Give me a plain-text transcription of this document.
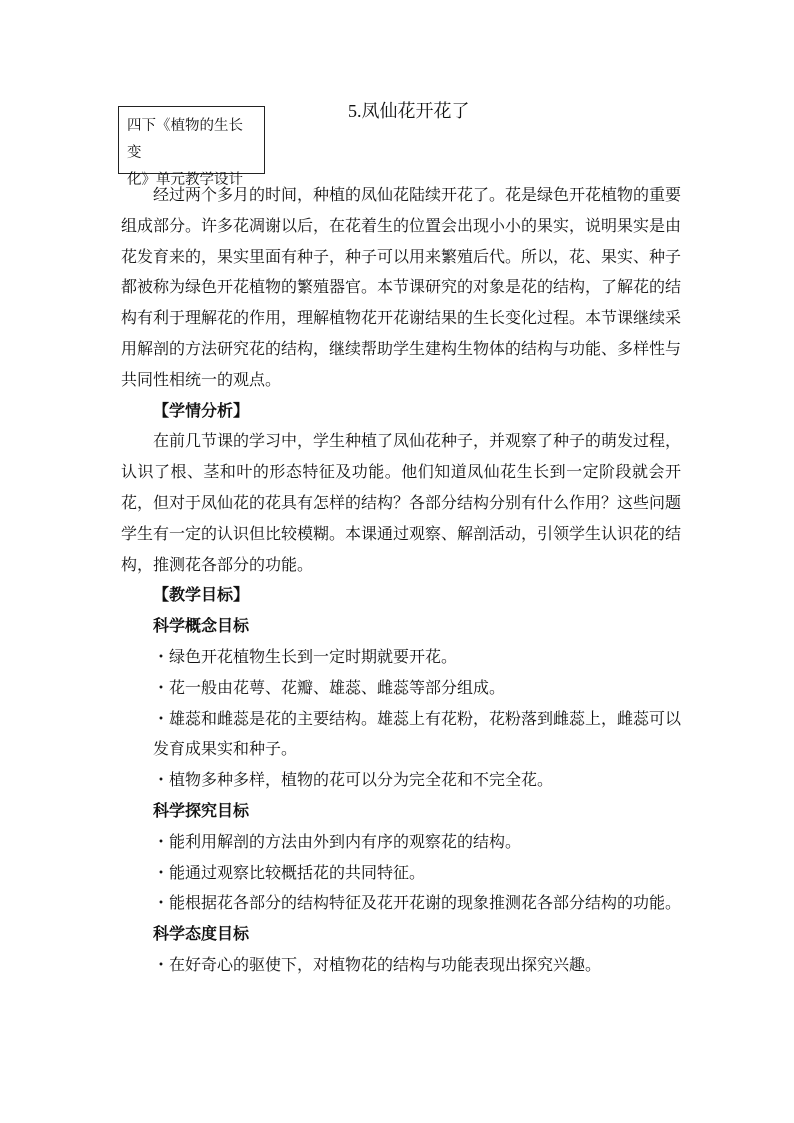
四下《植物的生长变
化》单元教学设计
5.凤仙花开花了

经过两个多月的时间，种植的凤仙花陆续开花了。花是绿色开花植物的重要组成部分。许多花凋谢以后，在花着生的位置会出现小小的果实，说明果实是由花发育来的，果实里面有种子，种子可以用来繁殖后代。所以，花、果实、种子都被称为绿色开花植物的繁殖器官。本节课研究的对象是花的结构，了解花的结构有利于理解花的作用，理解植物花开花谢结果的生长变化过程。本节课继续采用解剖的方法研究花的结构，继续帮助学生建构生物体的结构与功能、多样性与共同性相统一的观点。

【学情分析】

在前几节课的学习中，学生种植了凤仙花种子，并观察了种子的萌发过程，认识了根、茎和叶的形态特征及功能。他们知道凤仙花生长到一定阶段就会开花，但对于凤仙花的花具有怎样的结构？各部分结构分别有什么作用？这些问题学生有一定的认识但比较模糊。本课通过观察、解剖活动，引领学生认识花的结构，推测花各部分的功能。

【教学目标】

科学概念目标

・绿色开花植物生长到一定时期就要开花。

・花一般由花萼、花瓣、雄蕊、雌蕊等部分组成。

・雄蕊和雌蕊是花的主要结构。雄蕊上有花粉，花粉落到雌蕊上，雌蕊可以

发育成果实和种子。

・植物多种多样，植物的花可以分为完全花和不完全花。

科学探究目标

・能利用解剖的方法由外到内有序的观察花的结构。

・能通过观察比较概括花的共同特征。

・能根据花各部分的结构特征及花开花谢的现象推测花各部分结构的功能。

科学态度目标

・在好奇心的驱使下，对植物花的结构与功能表现出探究兴趣。
